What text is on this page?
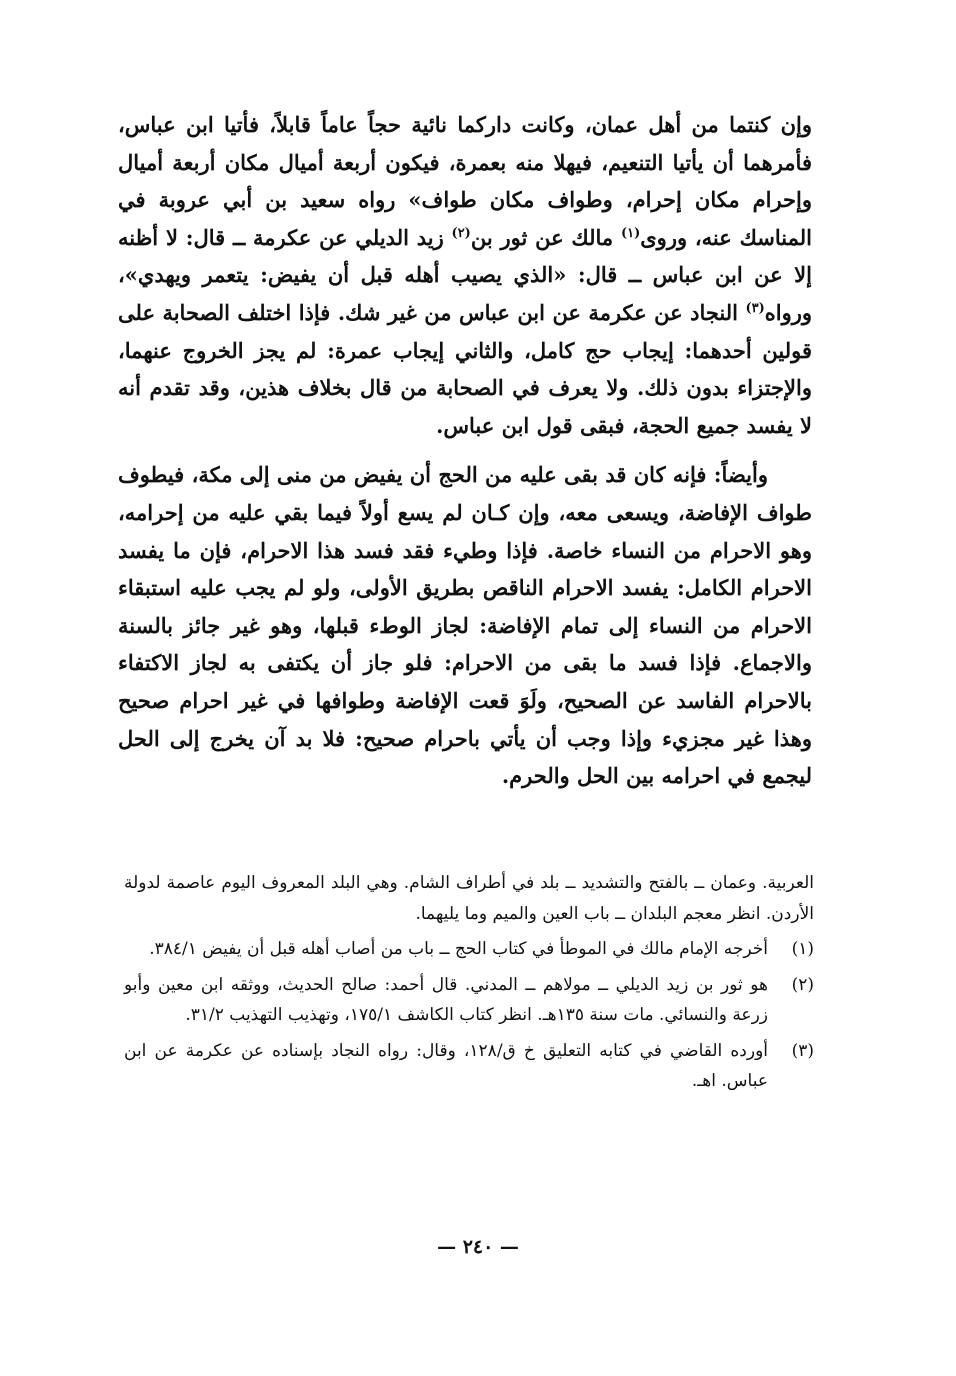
وإن كنتما من أهل عمان، وكانت داركما نائية حجاً عاماً قابلاً، فأتيا ابن عباس، فأمرهما أن يأتيا التنعيم، فيهلا منه بعمرة، فيكون أربعة أميال مكان أربعة أميال وإحرام مكان إحرام، وطواف مكان طواف» رواه سعيد بن أبي عروبة في المناسك عنه، وروى$^{(١)}$ مالك عن ثور بن$^{(٢)}$ زيد الديلي عن عكرمة ــ قال: لا أظنه إلا عن ابن عباس ــ قال: «الذي يصيب أهله قبل أن يفيض: يتعمر ويهدي»، ورواه$^{(٣)}$ النجاد عن عكرمة عن ابن عباس من غير شك. فإذا اختلف الصحابة على قولين أحدهما: إيجاب حج كامل، والثاني إيجاب عمرة: لم يجز الخروج عنهما، والإجتزاء بدون ذلك. ولا يعرف في الصحابة من قال بخلاف هذين، وقد تقدم أنه لا يفسد جميع الحجة، فبقى قول ابن عباس.

وأيضاً: فإنه كان قد بقى عليه من الحج أن يفيض من منى إلى مكة، فيطوف طواف الإفاضة، ويسعى معه، وإن كـان لم يسع أولاً فيما بقي عليه من إحرامه، وهو الاحرام من النساء خاصة. فإذا وطيء فقد فسد هذا الاحرام، فإن ما يفسد الاحرام الكامل: يفسد الاحرام الناقص بطريق الأولى، ولو لم يجب عليه استبقاء الاحرام من النساء إلى تمام الإفاضة: لجاز الوطء قبلها، وهو غير جائز بالسنة والاجماع. فإذا فسد ما بقى من الاحرام: فلو جاز أن يكتفى به لجاز الاكتفاء بالاحرام الفاسد عن الصحيح، ولَوَ قعت الإفاضة وطوافها في غير احرام صحيح وهذا غير مجزيء وإذا وجب أن يأتي باحرام صحيح: فلا بد آن يخرج إلى الحل ليجمع في احرامه بين الحل والحرم.

العربية. وعمان ــ بالفتح والتشديد ــ بلد في أطراف الشام. وهي البلد المعروف اليوم عاصمة لدولة الأردن. انظر معجم البلدان ــ باب العين والميم وما يليهما.

(١)
أخرجه الإمام مالك في الموطأ في كتاب الحج ــ باب من أصاب أهله قبل أن يفيض ٣٨٤/١.
(٢)
هو ثور بن زيد الديلي ــ مولاهم ــ المدني. قال أحمد: صالح الحديث، ووثقه ابن معين وأبو زرعة والنسائي. مات سنة ١٣٥هـ. انظر كتاب الكاشف ١٧٥/١، وتهذيب التهذيب ٣١/٢.
(٣)
أورده القاضي في كتابه التعليق خ ق/١٢٨، وقال: رواه النجاد بإسناده عن عكرمة عن ابن عباس. اهـ.
— ٢٤٠ —
